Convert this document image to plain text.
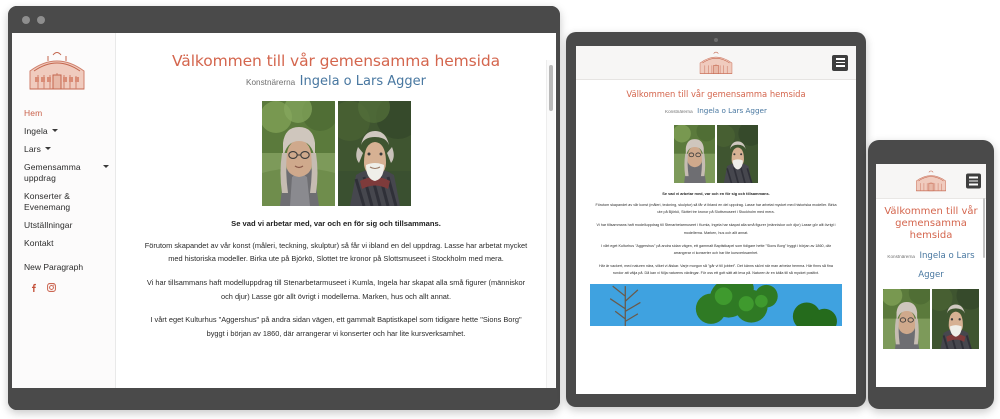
Hem
Ingela
Lars
Gemensamma uppdrag
Konserter & Evenemang
Utställningar
Kontakt
New Paragraph
Välkommen till vår gemensamma hemsida
Konstnärerna Ingela o Lars Agger

Se vad vi arbetar med, var och en för sig och tillsammans.

Förutom skapandet av vår konst (måleri, teckning, skulptur) så får vi ibland en del uppdrag. Lasse har arbetat mycket med historiska modeller. Birka ute på Björkö, Slottet tre kronor på Slottsmuseet i Stockholm med mera.

Vi har tillsammans haft modelluppdrag till Stenarbetarmuseet i Kumla, Ingela har skapat alla små figurer (människor och djur) Lasse gör allt övrigt i modellerna. Marken, hus och allt annat.

I vårt eget Kulturhus "Aggershus" på andra sidan vägen, ett gammalt Baptistkapel som tidigare hette "Sions Borg" byggt i början av 1860, där arrangerar vi konserter och har lite kursverksamhet.

Välkommen till vår gemensamma hemsida
Konstnärerna Ingela o Lars Agger
Se vad vi arbetar med, var och en för sig och tillsammans.
Förutom skapandet av vår konst (måleri, teckning, skulptur) så får vi ibland en del uppdrag. Lasse har arbetat mycket med historiska modeller. Birka ute på Björkö, Slottet tre kronor på Slottsmuseet i Stockholm med mera.
Vi har tillsammans haft modelluppdrag till Stenarbetarmuseet i Kumla, Ingela har skapat alla små figurer (människor och djur) Lasse gör allt övrigt i modellerna. Marken, hus och allt annat.
I vårt eget Kulturhus "Aggershus" på andra sidan vägen, ett gammalt Baptistkapel som tidigare hette "Sions Borg" byggt i början av 1860, där arrangerar vi konserter och har lite kursverksamhet.
Här är vackert, med naturen nära, vilket vi älskar. Varje morgon så "går vi till jobbet". Det känns skönt när man arbetar hemma. Här finns så fina rundor att välja på. Då kan vi följa naturens växlingar. För oss ett gott sätt att leva på. Naturen är en källa till så mycket positivt.
Välkommen till vår gemensamma hemsida
Konstnärerna Ingela o Lars Agger
